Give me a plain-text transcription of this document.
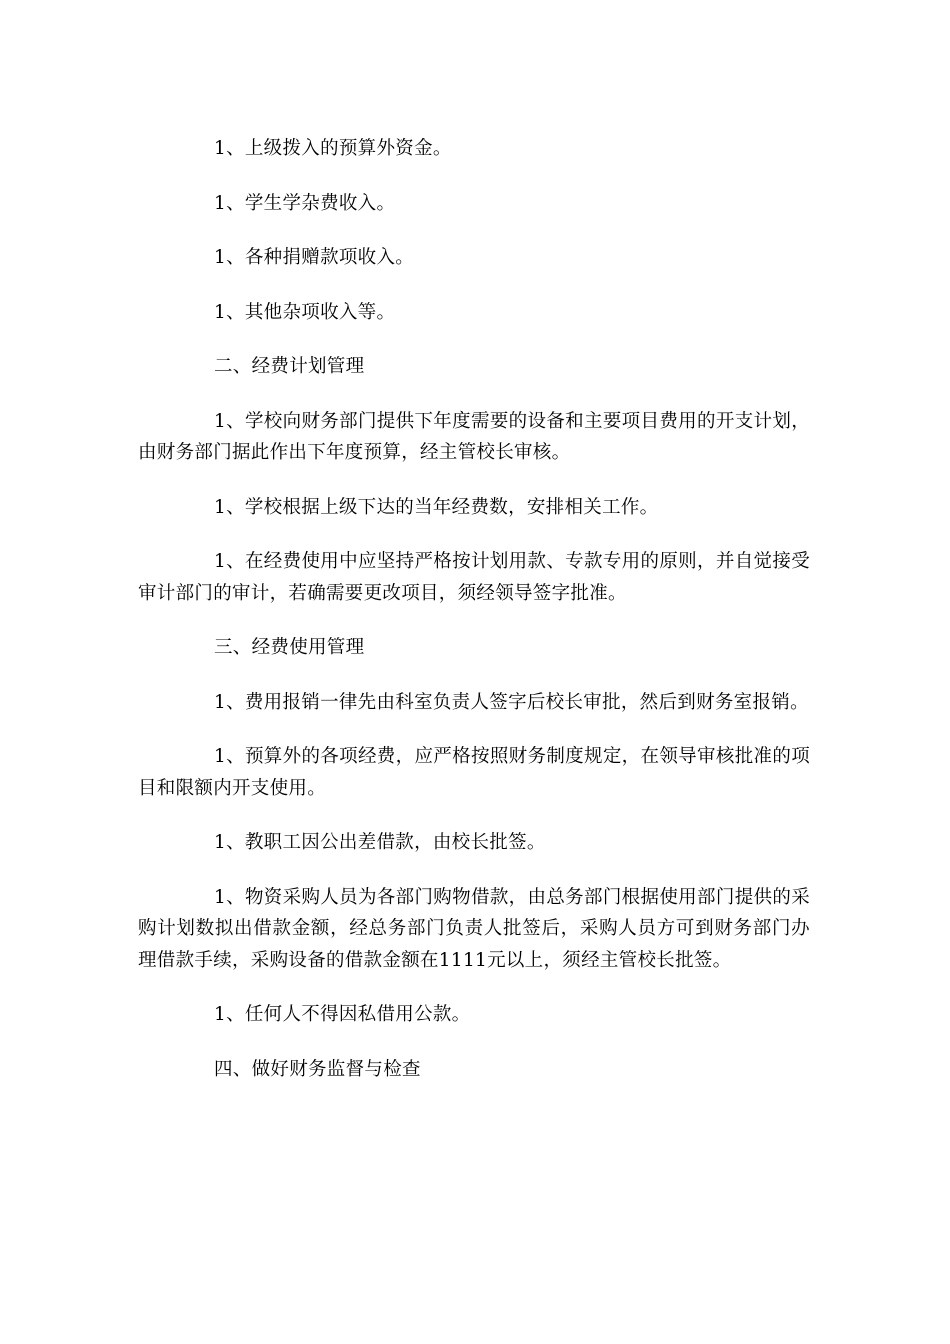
1、上级拨入的预算外资金。

1、学生学杂费收入。

1、各种捐赠款项收入。

1、其他杂项收入等。

二、经费计划管理

1、学校向财务部门提供下年度需要的设备和主要项目费用的开支计划，由财务部门据此作出下年度预算，经主管校长审核。

1、学校根据上级下达的当年经费数，安排相关工作。

1、在经费使用中应坚持严格按计划用款、专款专用的原则，并自觉接受审计部门的审计，若确需要更改项目，须经领导签字批准。

三、经费使用管理

1、费用报销一律先由科室负责人签字后校长审批，然后到财务室报销。

1、预算外的各项经费，应严格按照财务制度规定，在领导审核批准的项目和限额内开支使用。

1、教职工因公出差借款，由校长批签。

1、物资采购人员为各部门购物借款，由总务部门根据使用部门提供的采购计划数拟出借款金额，经总务部门负责人批签后，采购人员方可到财务部门办理借款手续，采购设备的借款金额在1111元以上，须经主管校长批签。

1、任何人不得因私借用公款。

四、做好财务监督与检查
